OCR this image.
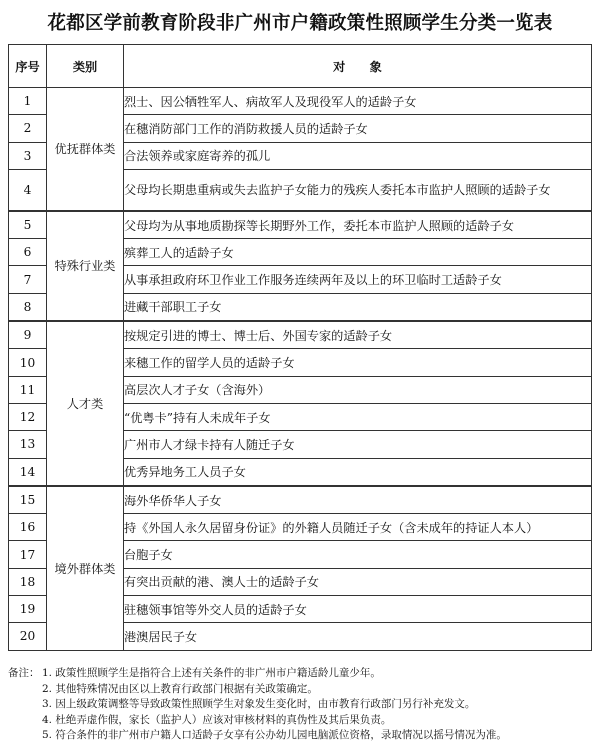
花都区学前教育阶段非广州市户籍政策性照顾学生分类一览表
序号	类别	对　　象
1	优抚群体类	烈士、因公牺牲军人、病故军人及现役军人的适龄子女
2		在穗消防部门工作的消防救援人员的适龄子女
3		合法领养或家庭寄养的孤儿
4		父母均长期患重病或失去监护子女能力的残疾人委托本市监护人照顾的适龄子女
5	特殊行业类	父母均为从事地质勘探等长期野外工作，委托本市监护人照顾的适龄子女
6		殡葬工人的适龄子女
7		从事承担政府环卫作业工作服务连续两年及以上的环卫临时工适龄子女
8		进藏干部职工子女
9	人才类	按规定引进的博士、博士后、外国专家的适龄子女
10		来穗工作的留学人员的适龄子女
11		高层次人才子女（含海外）
12		“优粤卡”持有人未成年子女
13		广州市人才绿卡持有人随迁子女
14		优秀异地务工人员子女
15	境外群体类	海外华侨华人子女
16		持《外国人永久居留身份证》的外籍人员随迁子女（含未成年的持证人本人）
17		台胞子女
18		有突出贡献的港、澳人士的适龄子女
19		驻穗领事馆等外交人员的适龄子女
20		港澳居民子女
备注： 1. 政策性照顾学生是指符合上述有关条件的非广州市户籍适龄儿童少年。
2. 其他特殊情况由区以上教育行政部门根据有关政策确定。
3. 因上级政策调整等导致政策性照顾学生对象发生变化时，由市教育行政部门另行补充发文。
4. 杜绝弄虚作假，家长（监护人）应该对审核材料的真伪性及其后果负责。
5. 符合条件的非广州市户籍人口适龄子女享有公办幼儿园电脑派位资格，录取情况以摇号情况为准。
